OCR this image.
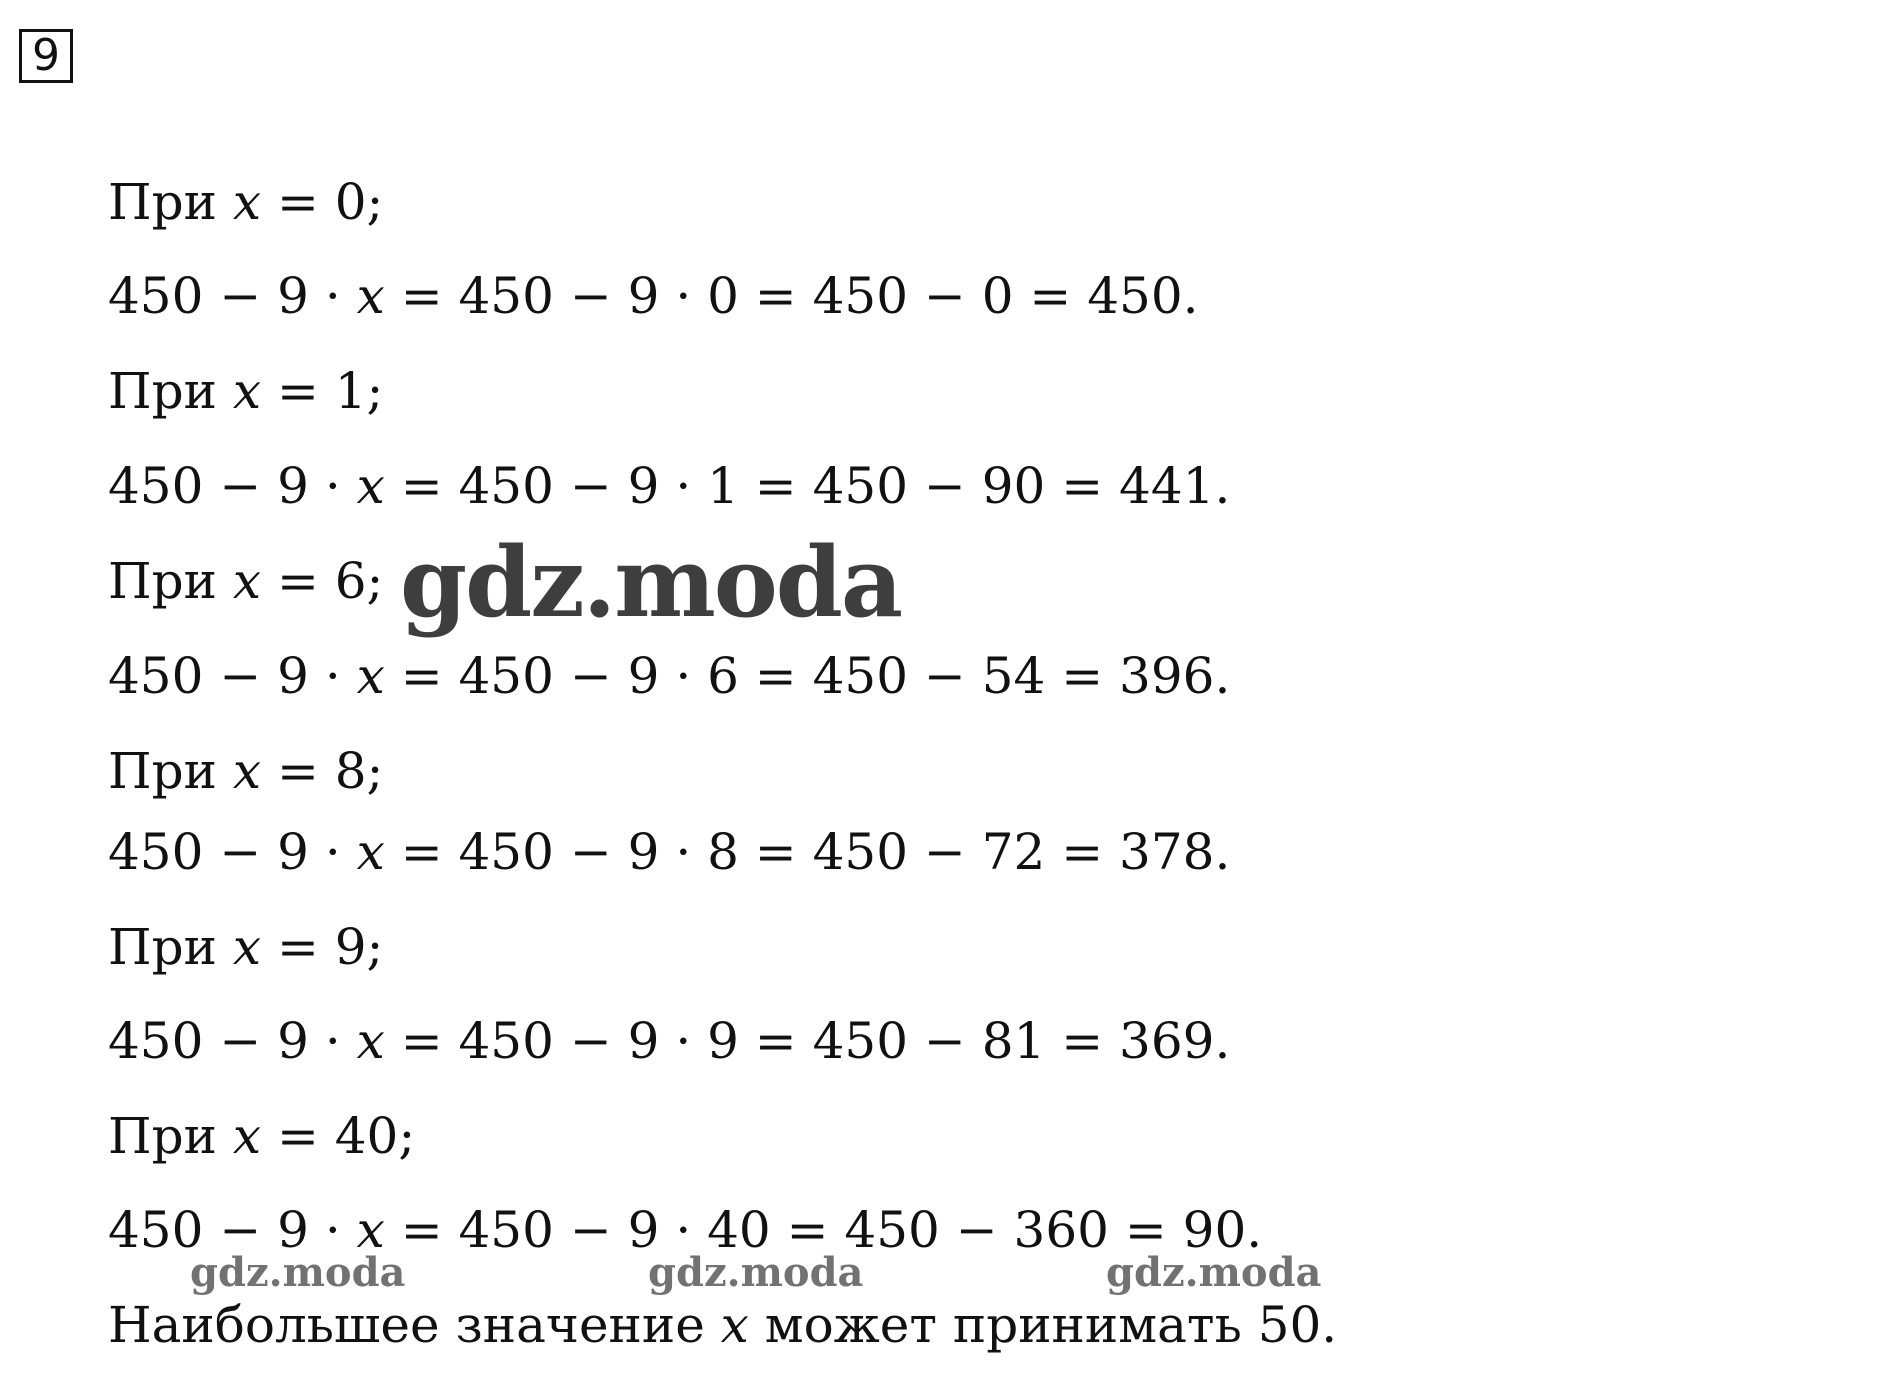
9
При x = 0;
450 − 9 · x = 450 − 9 · 0 = 450 − 0 = 450.
При x = 1;
450 − 9 · x = 450 − 9 · 1 = 450 − 90 = 441.
При x = 6;
450 − 9 · x = 450 − 9 · 6 = 450 − 54 = 396.
При x = 8;
450 − 9 · x = 450 − 9 · 8 = 450 − 72 = 378.
При x = 9;
450 − 9 · x = 450 − 9 · 9 = 450 − 81 = 369.
При x = 40;
450 − 9 · x = 450 − 9 · 40 = 450 − 360 = 90.
Наибольшее значение x может принимать 50.
gdz.moda
gdz.moda	gdz.moda	gdz.moda
